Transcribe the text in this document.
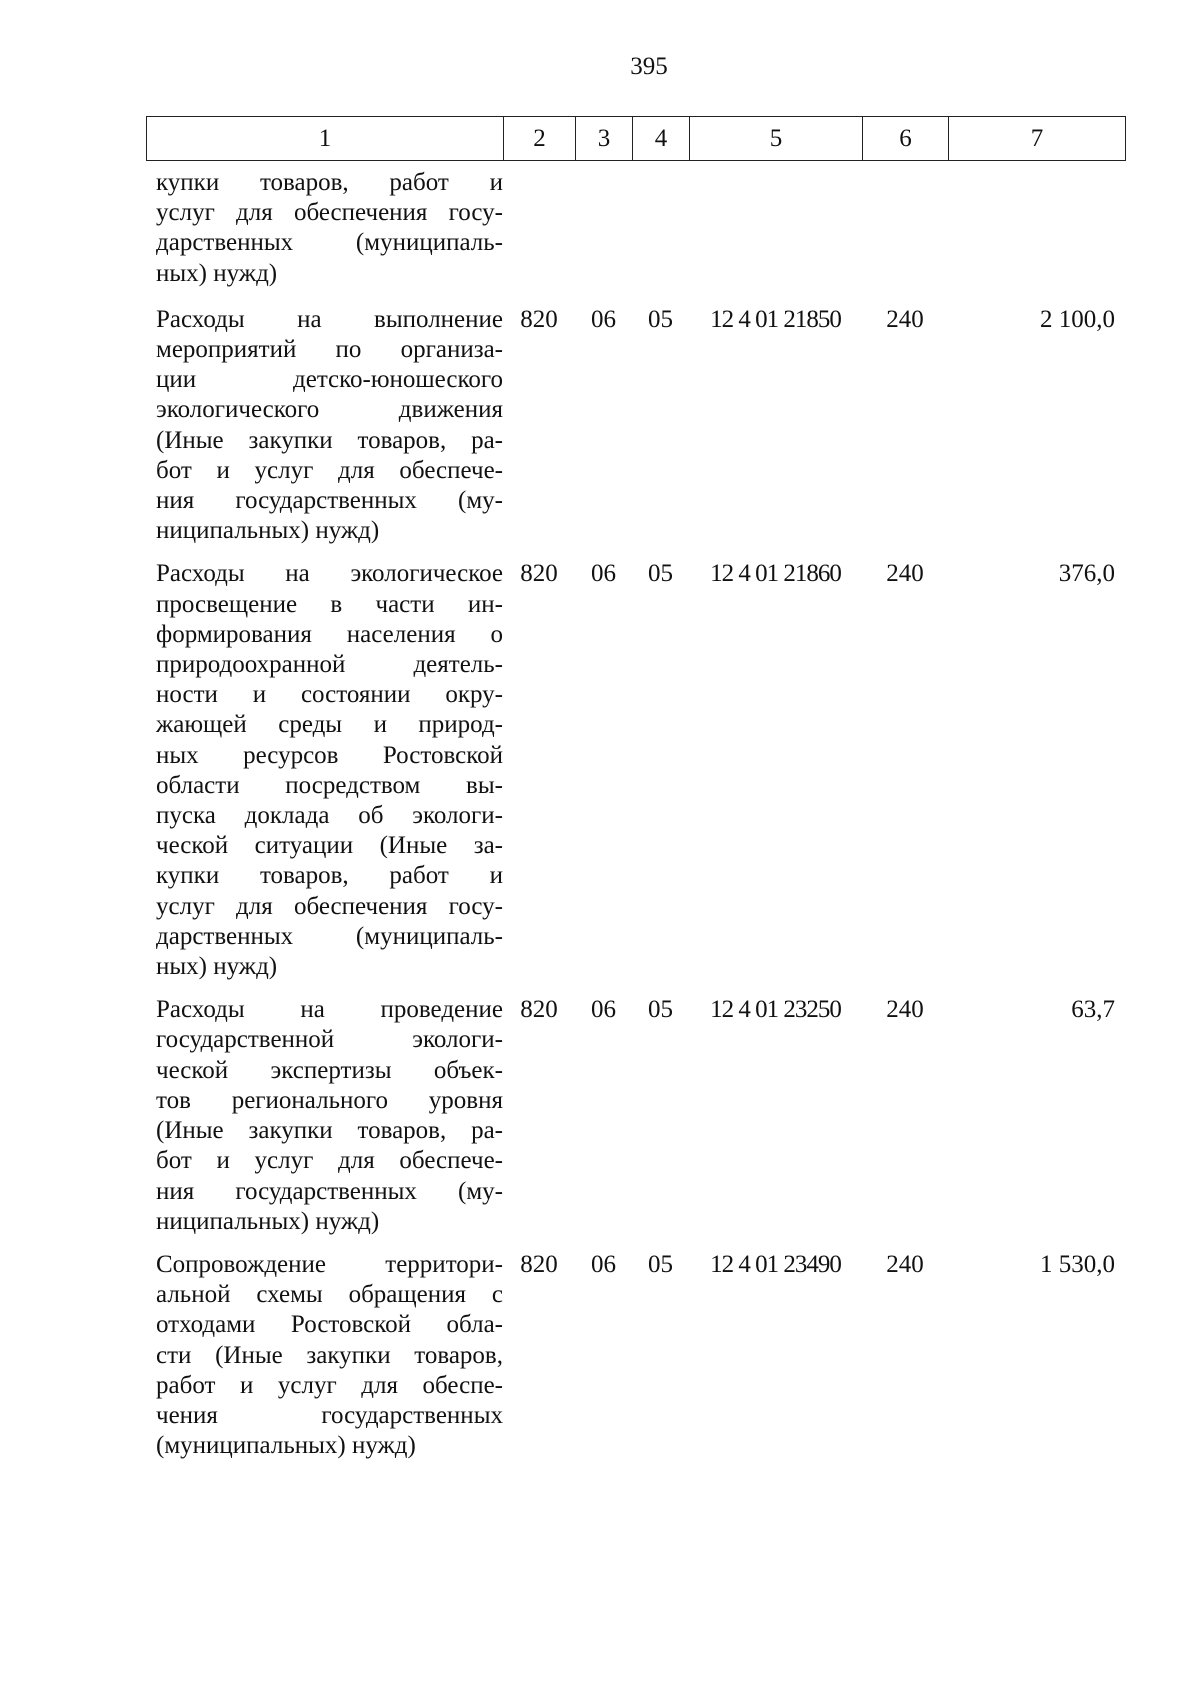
395
1	2	3	4	5	6	7
купки товаров, работ и
услуг для обеспечения госу-
дарственных (муниципаль-
ных) нужд)
Расходы на выполнение
мероприятий по организа-
ции детско-юношеского
экологического движения
(Иные закупки товаров, ра-
бот и услуг для обеспече-
ния государственных (му-
ниципальных) нужд)
820	06	05	12 4 01 21850	240	2 100,0
Расходы на экологическое
просвещение в части ин-
формирования населения о
природоохранной деятель-
ности и состоянии окру-
жающей среды и природ-
ных ресурсов Ростовской
области посредством вы-
пуска доклада об экологи-
ческой ситуации (Иные за-
купки товаров, работ и
услуг для обеспечения госу-
дарственных (муниципаль-
ных) нужд)
820	06	05	12 4 01 21860	240	376,0
Расходы на проведение
государственной экологи-
ческой экспертизы объек-
тов регионального уровня
(Иные закупки товаров, ра-
бот и услуг для обеспече-
ния государственных (му-
ниципальных) нужд)
820	06	05	12 4 01 23250	240	63,7
Сопровождение территори-
альной схемы обращения с
отходами Ростовской обла-
сти (Иные закупки товаров,
работ и услуг для обеспе-
чения государственных
(муниципальных) нужд)
820	06	05	12 4 01 23490	240	1 530,0
